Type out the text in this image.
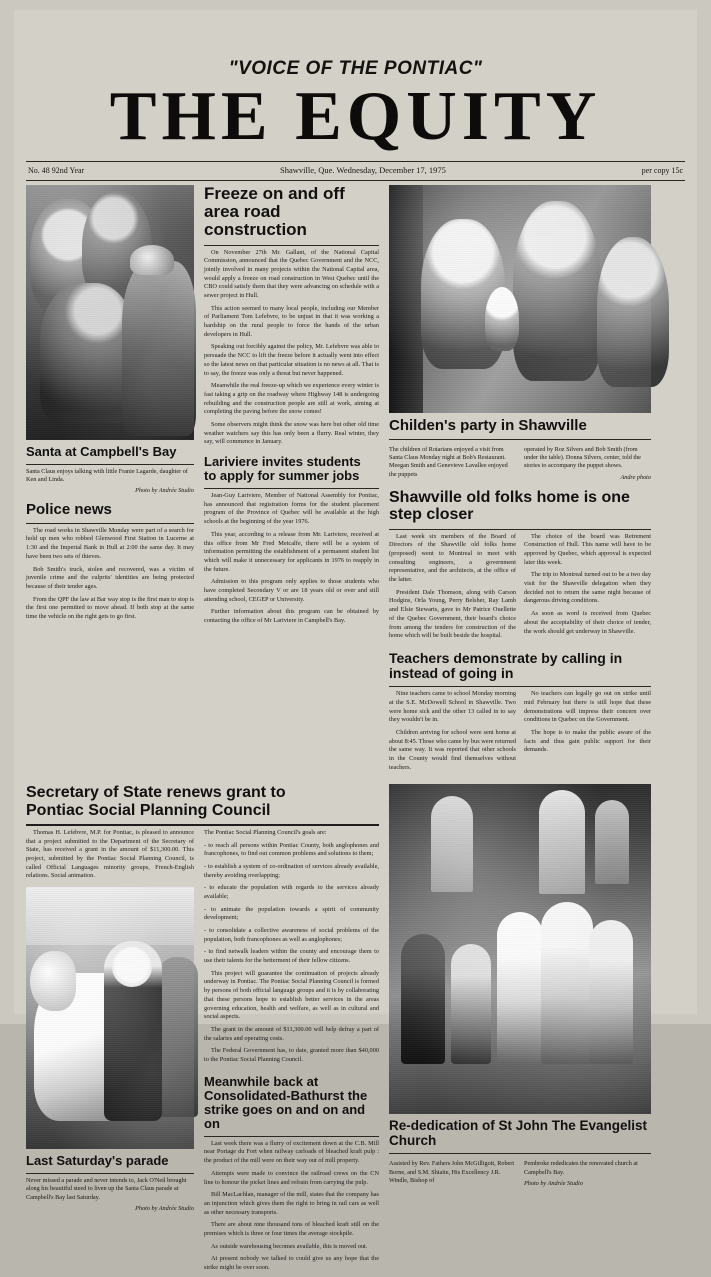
"VOICE OF THE PONTIAC"
THE EQUITY
No. 48 92nd Year	Shawville, Que. Wednesday, December 17, 1975	per copy 15c
Santa at Campbell's Bay

Santa Claus enjoys talking with little Franie Lagarde, daughter of Ken and Linda.

Photo by Andrée Studio

Police news

The road works in Shawville Monday were part of a search for hold up men who robbed Glenwood First Station in Lucerne at 1:30 and the Imperial Bank in Hull at 2:00 the same day. It may have been two sets of thieves.

Bob Smith's truck, stolen and recovered, was a victim of juvenile crime and the culprits' identities are being protected because of their tender ages.

From the QPF the law at Bar way stop is the first man to stop is the first one permitted to move ahead. If both stop at the same time the vehicle on the right gets to go first.

Freeze on and off
area road construction

On November 27th Mr. Gallant, of the National Capital Commission, announced that the Quebec Government and the NCC, jointly involved in many projects within the National Capital area, would apply a freeze on road construction in West Quebec until the CBO could satisfy them that they were advancing on schedule with a sewer project in Hull.

This action seemed to many local people, including our Member of Parliament Tom Lefebvre, to be unjust in that it was working a hardship on the rural people to force the hands of the urban developers in Hull.

Speaking out forcibly against the policy, Mr. Lefebvre was able to persuade the NCC to lift the freeze before it actually went into effect so the latest news on that particular situation is no news at all. That is to say, the freeze was only a threat but never happened.

Meanwhile the real freeze-up which we experience every winter is fast taking a grip on the roadway where Highway 148 is undergoing rebuilding and the construction people are still at work, aiming at completing the paving before the snow comes!

Some observers might think the snow was here but other old time weather watchers say this has only been a flurry. Real winter, they say, will commence in January.

Lariviere invites students
to apply for summer jobs

Jean-Guy Lariviere, Member of National Assembly for Pontiac, has announced that registration forms for the student placement program of the Province of Quebec will be available at the high schools at the beginning of the year 1976.

This year, according to a release from Mr. Lariviere, received at this office from Mr Fred Metcalfe, there will be a system of information permitting the establishment of a permanent student list which will make it unnecessary for applicants in 1976 to reapply in the future.

Admission to this program only applies to those students who have completed Secondary V or are 18 years old or over and still attending school, CEGEP or University.

Further information about this program can be obtained by contacting the office of Mr Lariviere in Campbell's Bay.

Childen's party in Shawville

The children of Rotarians enjoyed a visit from Santa Claus Monday night at Bob's Restaurant. Meegan Smith and Genevieve Lavallee enjoyed the puppets

operated by Roz Silvers and Bob Smith (from under the table). Donna Silvers, center, told the stories to accompany the puppet shows.

Andre photo

Shawville old folks home is one step closer

Last week six members of the Board of Directors of the Shawville old folks home (proposed) went to Montreal to meet with consulting engineers, a government representative, and the architects, at the office of the latter.

President Dale Thomson, along with Carson Hodgins, Orla Young, Perry Belsher, Ray Lamb and Elsie Stewarts, gave to Mr Patrice Ouellette of the Quebec Government, their board's choice from among the tenders for construction of the home which will be built beside the hospital.

The choice of the board was Retrement Construction of Hull. This name will have to be approved by Quebec, which approval is expected later this week.

The trip to Montreal turned out to be a two day visit for the Shawville delegation when they decided not to return the same night because of dangerous driving conditions.

As soon as word is received from Quebec about the acceptability of their choice of tender, the work should get underway in Shawville.

Teachers demonstrate by calling in instead of going in

Nine teachers came to school Monday morning at the S.E. McDowell School in Shawville. Two were home sick and the other 13 called in to say they wouldn't be in.

Children arriving for school were sent home at about 8:45. Those who came by bus were returned the same way. It was reported that other schools in the County would find themselves without teachers.

No teachers can legally go out on strike until mid February but there is still hope that these demonstrations will impress their concern over conditions in Quebec on the Government.

The hope is to make the public aware of the facts and thus gain public support for their demands.

Secretary of State renews grant to
Pontiac Social Planning Council

Thomas H. Lefebvre, M.P. for Pontiac, is pleased to announce that a project submitted to the Department of the Secretary of State, has received a grant in the amount of $11,300.00. This project, submitted by the Pontiac Social Planning Council, is called Official Languages minority groups, French-English relations. Social animation.

Last Saturday's parade

Never missed a parade and never intends to, Jack O'Neil brought along his beautiful steed to liven up the Santa Claus parade at Campbell's Bay last Saturday.

Photo by Andrée Studio

The Pontiac Social Planning Council's goals are:

- to reach all persons within Pontiac County, both anglophones and francophones, to find out common problems and solutions to them;

- to establish a system of co-ordination of services already available, thereby avoiding overlapping;

- to educate the population with regards to the services already available;

- to animate the population towards a spirit of community development;

- to consolidate a collective awareness of social problems of the population, both francophones as well as anglophones;

- to find netwalk leaders within the county and encourage them to use their talents for the betterment of their fellow citizens.

This project will guarantee the continuation of projects already underway in Pontiac. The Pontiac Social Planning Council is formed by persons of both official language groups and it is by collaborating that these persons hope to establish better services in the areas governing education, health and welfare, as well as in cultural and social aspects.

The grant in the amount of $11,300.00 will help defray a part of the salaries and operating costs.

The Federal Government has, to date, granted more than $40,000 to the Pontiac Social Planning Council.

Meanwhile back at
Consolidated-Bathurst the
strike goes on and on and on

Last week there was a flurry of excitement down at the C.B. Mill near Portage du Fort when railway carloads of bleached kraft pulp : the product of the mill were on their way out of mill property.

Attempts were made to convince the railroad crews on the CN line to honour the picket lines and refrain from carrying the pulp.

Bill MacLachlan, manager of the mill, states that the company has an injunction which gives them the right to bring in rail cars as well as other necessary transports.

There are about nine thousand tons of bleached kraft still on the premises which is three or four times the average stockpile.

As outside warehousing becomes available, this is moved out.

At present nobody we talked to could give us any hope that the strike might be over soon.

Re-dedication of St John The Evangelist Church

Assisted by Rev. Fathers John McGilligott, Robert Borne, and S.M. Shiaite, His Excellency J.R. Windle, Bishop of

Pembroke rededicates the renovated church at Campbell's Bay.

Photo by Andrée Studio
